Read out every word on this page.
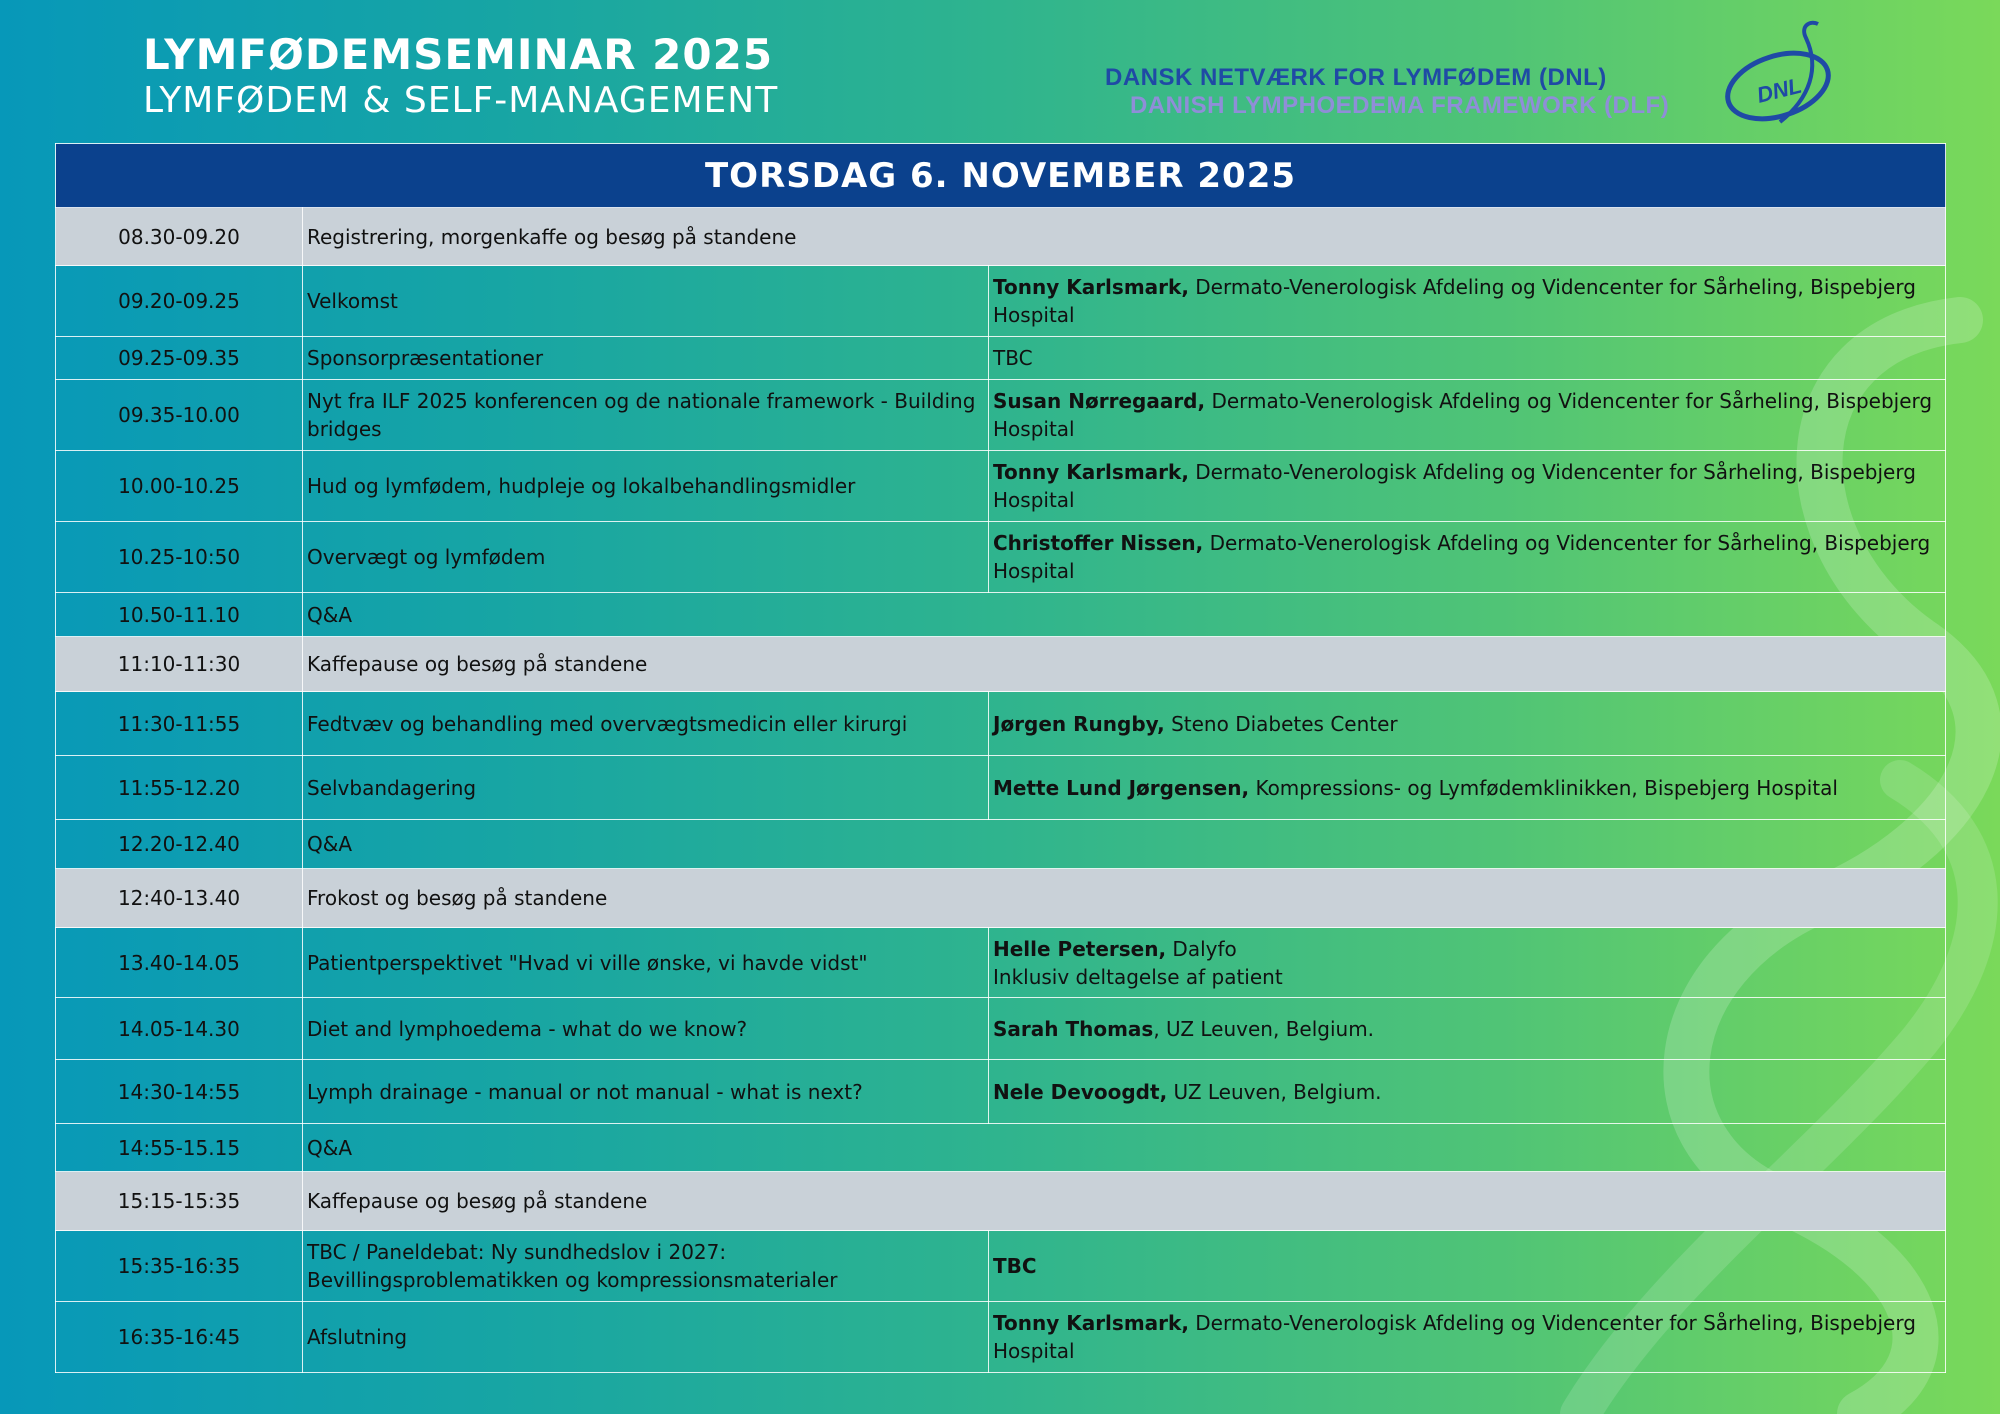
LYMFØDEMSEMINAR 2025
LYMFØDEM & SELF-MANAGEMENT
DANSK NETVÆRK FOR LYMFØDEM (DNL)
DANISH LYMPHOEDEMA FRAMEWORK (DLF)	DNL
TORSDAG 6. NOVEMBER 2025		
08.30-09.20	Registrering, morgenkaffe og besøg på standene	
09.20-09.25	Velkomst	Tonny Karlsmark, Dermato-Venerologisk Afdeling og Videncenter for Sårheling, Bispebjerg Hospital
09.25-09.35	Sponsorpræsentationer	TBC
09.35-10.00	Nyt fra ILF 2025 konferencen og de nationale framework - Building bridges	Susan Nørregaard, Dermato-Venerologisk Afdeling og Videncenter for Sårheling, Bispebjerg Hospital
10.00-10.25	Hud og lymfødem, hudpleje og lokalbehandlingsmidler	Tonny Karlsmark, Dermato-Venerologisk Afdeling og Videncenter for Sårheling, Bispebjerg Hospital
10.25-10:50	Overvægt og lymfødem	Christoffer Nissen, Dermato-Venerologisk Afdeling og Videncenter for Sårheling, Bispebjerg Hospital
10.50-11.10	Q&A	
11:10-11:30	Kaffepause og besøg på standene	
11:30-11:55	Fedtvæv og behandling med overvægtsmedicin eller kirurgi	Jørgen Rungby, Steno Diabetes Center
11:55-12.20	Selvbandagering	Mette Lund Jørgensen, Kompressions- og Lymfødemklinikken, Bispebjerg Hospital
12.20-12.40	Q&A	
12:40-13.40	Frokost og besøg på standene	
13.40-14.05	Patientperspektivet "Hvad vi ville ønske, vi havde vidst"	Helle Petersen, Dalyfo
Inklusiv deltagelse af patient
14.05-14.30	Diet and lymphoedema - what do we know?	Sarah Thomas, UZ Leuven, Belgium.
14:30-14:55	Lymph drainage - manual or not manual - what is next?	Nele Devoogdt, UZ Leuven, Belgium.
14:55-15.15	Q&A	
15:15-15:35	Kaffepause og besøg på standene	
15:35-16:35	TBC / Paneldebat: Ny sundhedslov i 2027: Bevillingsproblematikken og kompressionsmaterialer	TBC
16:35-16:45	Afslutning	Tonny Karlsmark, Dermato-Venerologisk Afdeling og Videncenter for Sårheling, Bispebjerg Hospital
